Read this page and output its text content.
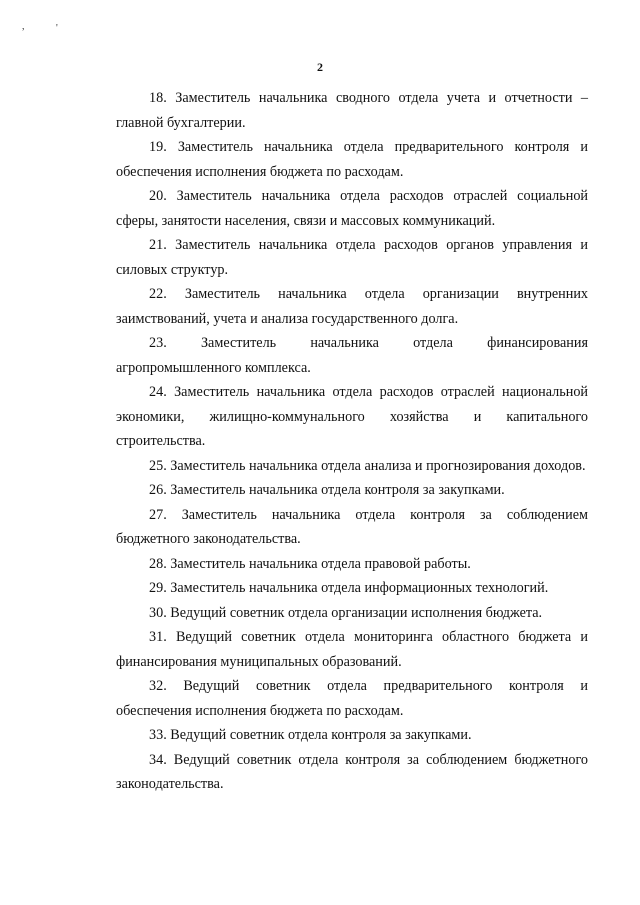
,	'
2

18. Заместитель начальника сводного отдела учета и отчетности – главной бухгалтерии.

19. Заместитель начальника отдела предварительного контроля и обеспечения исполнения бюджета по расходам.

20. Заместитель начальника отдела расходов отраслей социальной сферы, занятости населения, связи и массовых коммуникаций.

21. Заместитель начальника отдела расходов органов управления и силовых структур.

22. Заместитель начальника отдела организации внутренних заимствований, учета и анализа государственного долга.

23. Заместитель начальника отдела финансирования агропромышленного комплекса.

24. Заместитель начальника отдела расходов отраслей национальной экономики, жилищно-коммунального хозяйства и капитального строительства.

25. Заместитель начальника отдела анализа и прогнозирования доходов.

26. Заместитель начальника отдела контроля за закупками.

27. Заместитель начальника отдела контроля за соблюдением бюджетного законодательства.

28. Заместитель начальника отдела правовой работы.

29. Заместитель начальника отдела информационных технологий.

30. Ведущий советник отдела организации исполнения бюджета.

31. Ведущий советник отдела мониторинга областного бюджета и финансирования муниципальных образований.

32. Ведущий советник отдела предварительного контроля и обеспечения исполнения бюджета по расходам.

33. Ведущий советник отдела контроля за закупками.

34. Ведущий советник отдела контроля за соблюдением бюджетного законодательства.
